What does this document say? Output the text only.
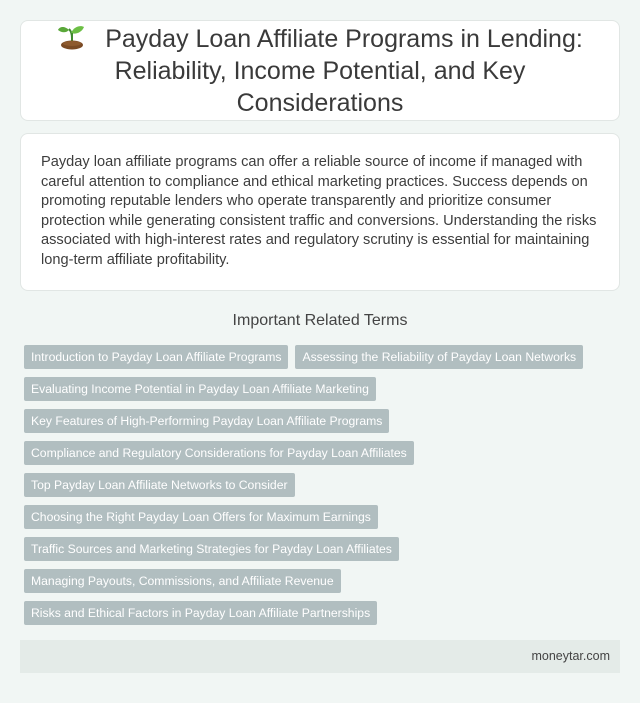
Payday Loan Affiliate Programs in Lending: Reliability, Income Potential, and Key Considerations

Payday loan affiliate programs can offer a reliable source of income if managed with careful attention to compliance and ethical marketing practices. Success depends on promoting reputable lenders who operate transparently and prioritize consumer protection while generating consistent traffic and conversions. Understanding the risks associated with high-interest rates and regulatory scrutiny is essential for maintaining long-term affiliate profitability.

Important Related Terms
Introduction to Payday Loan Affiliate Programs	Assessing the Reliability of Payday Loan Networks
Evaluating Income Potential in Payday Loan Affiliate Marketing
Key Features of High-Performing Payday Loan Affiliate Programs
Compliance and Regulatory Considerations for Payday Loan Affiliates
Top Payday Loan Affiliate Networks to Consider
Choosing the Right Payday Loan Offers for Maximum Earnings
Traffic Sources and Marketing Strategies for Payday Loan Affiliates
Managing Payouts, Commissions, and Affiliate Revenue
Risks and Ethical Factors in Payday Loan Affiliate Partnerships
moneytar.com
